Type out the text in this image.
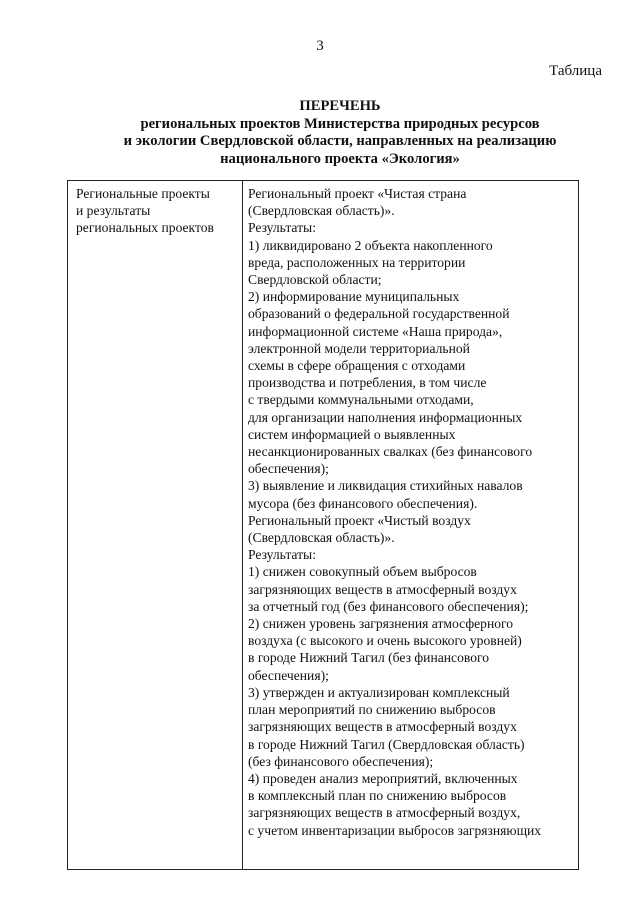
3
Таблица
ПЕРЕЧЕНЬ
региональных проектов Министерства природных ресурсов
и экологии Свердловской области, направленных на реализацию
национального проекта «Экология»
Региональные проекты
и результаты
региональных проектов
Региональный проект «Чистая страна
(Свердловская область)».
Результаты:
1) ликвидировано 2 объекта накопленного
вреда, расположенных на территории
Свердловской области;
2) информирование муниципальных
образований о федеральной государственной
информационной системе «Наша природа»,
электронной модели территориальной
схемы в сфере обращения с отходами
производства и потребления, в том числе
с твердыми коммунальными отходами,
для организации наполнения информационных
систем информацией о выявленных
несанкционированных свалках (без финансового
обеспечения);
3) выявление и ликвидация стихийных навалов
мусора (без финансового обеспечения).
Региональный проект «Чистый воздух
(Свердловская область)».
Результаты:
1) снижен совокупный объем выбросов
загрязняющих веществ в атмосферный воздух
за отчетный год (без финансового обеспечения);
2) снижен уровень загрязнения атмосферного
воздуха (с высокого и очень высокого уровней)
в городе Нижний Тагил (без финансового
обеспечения);
3) утвержден и актуализирован комплексный
план мероприятий по снижению выбросов
загрязняющих веществ в атмосферный воздух
в городе Нижний Тагил (Свердловская область)
(без финансового обеспечения);
4) проведен анализ мероприятий, включенных
в комплексный план по снижению выбросов
загрязняющих веществ в атмосферный воздух,
с учетом инвентаризации выбросов загрязняющих
